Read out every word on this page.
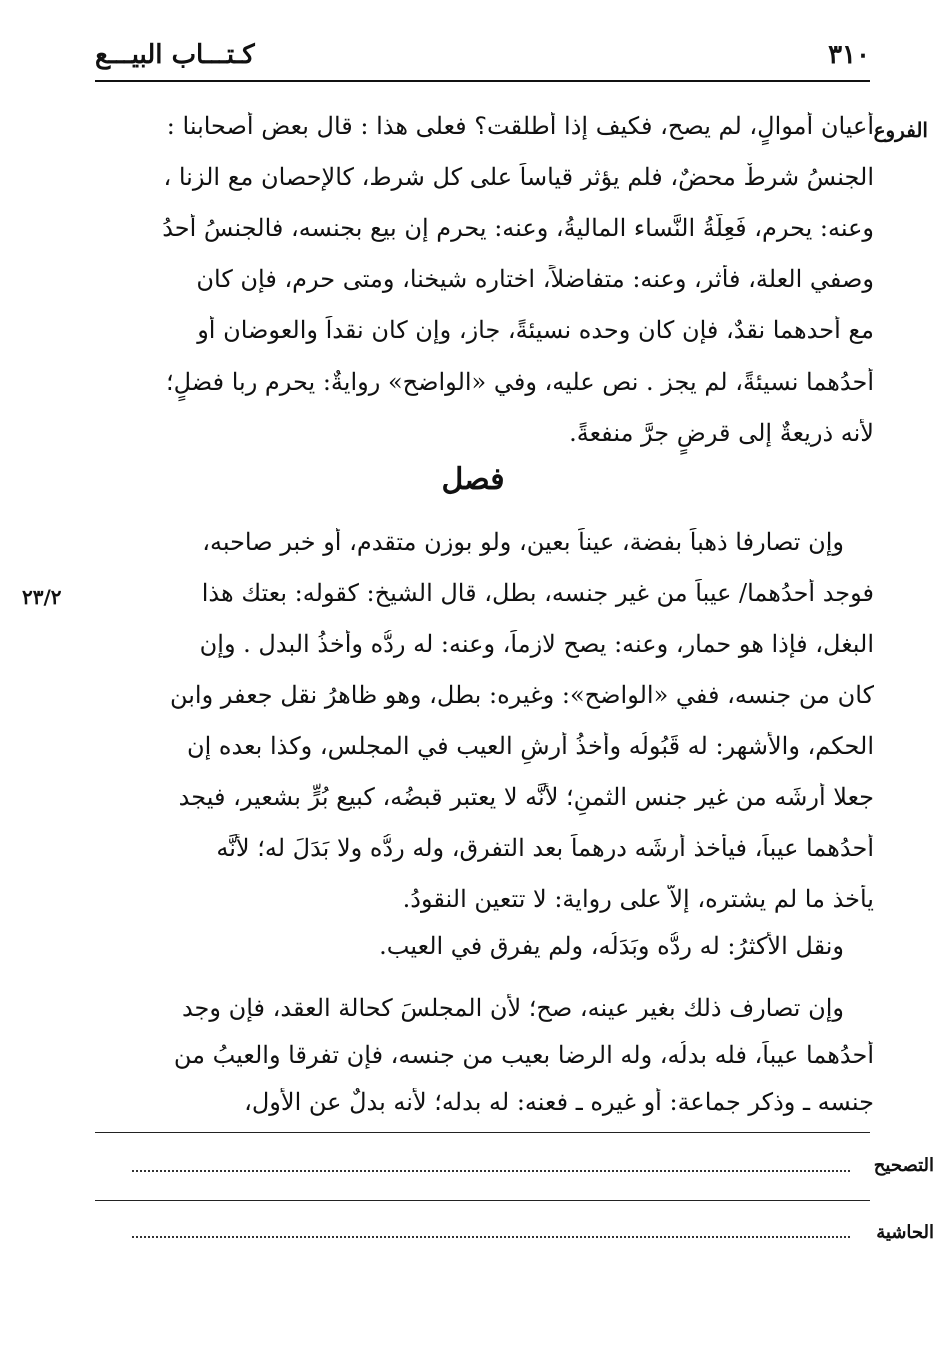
كـتـــاب البيـــع	٣١٠
الفروع
٢٣/٢
أعيان أموالٍ، لم يصح، فكيف إذا أطلقت؟ فعلى هذا : قال بعض أصحابنا :
الجنسُ شرطٌ محضٌ، فلم يؤثر قياساً على كل شرط، كالإحصان مع الزنا ،
وعنه: يحرم، فَعِلَّةُ النَّساء الماليةُ، وعنه: يحرم إن بيع بجنسه، فالجنسُ أحدُ
وصفي العلة، فأثر، وعنه: متفاضلاً، اختاره شيخنا، ومتى حرم، فإن كان
مع أحدهما نقدٌ، فإن كان وحده نسيئةً، جاز، وإن كان نقداً والعوضان أو
أحدُهما نسيئةً، لم يجز . نص عليه، وفي «الواضح» روايةٌ: يحرم ربا فضلٍ؛
لأنه ذريعةٌ إلى قرضٍ جرَّ منفعةً.
فصل
وإن تصارفا ذهباً بفضة، عيناً بعين، ولو بوزن متقدم، أو خبر صاحبه،
فوجد أحدُهما/ عيباً من غير جنسه، بطل، قال الشيخ: كقوله: بعتك هذا
البغل، فإذا هو حمار، وعنه: يصح لازماً، وعنه: له ردُّه وأخذُ البدل . وإن
كان من جنسه، ففي «الواضح»: وغيره: بطل، وهو ظاهرُ نقل جعفر وابن
الحكم، والأشهر: له قَبُولُه وأخذُ أرشِ العيب في المجلس، وكذا بعده إن
جعلا أرشَه من غير جنس الثمنِ؛ لأنَّه لا يعتبر قبضُه، كبيع بُرٍّ بشعير، فيجد
أحدُهما عيباً، فيأخذ أرشَه درهماً بعد التفرق، وله ردُّه ولا بَدَلَ له؛ لأنَّه
يأخذ ما لم يشتره، إلاَّ على رواية: لا تتعين النقودُ.
ونقل الأكثرُ: له ردُّه وبَدَلُه، ولم يفرق في العيب.
وإن تصارف ذلك بغير عينه، صح؛ لأن المجلسَ كحالة العقد، فإن وجد
أحدُهما عيباً، فله بدلُه، وله الرضا بعيب من جنسه، فإن تفرقا والعيبُ من
جنسه ـ وذكر جماعة: أو غيره ـ فعنه: له بدله؛ لأنه بدلٌ عن الأول،
التصحيح
الحاشية
